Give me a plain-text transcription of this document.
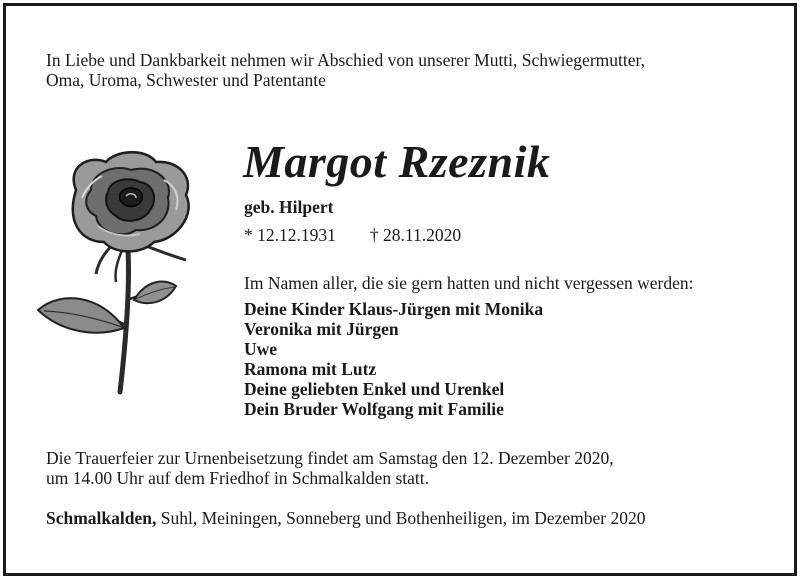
In Liebe und Dankbarkeit nehmen wir Abschied von unserer Mutti, Schwiegermutter,
Oma, Uroma, Schwester und Patentante

Margot Rzeznik

geb. Hilpert

* 12.12.1931 † 28.11.2020

Im Namen aller, die sie gern hatten und nicht vergessen werden:

Deine Kinder Klaus-Jürgen mit Monika
Veronika mit Jürgen
Uwe
Ramona mit Lutz
Deine geliebten Enkel und Urenkel
Dein Bruder Wolfgang mit Familie

Die Trauerfeier zur Urnenbeisetzung findet am Samstag den 12. Dezember 2020,
um 14.00 Uhr auf dem Friedhof in Schmalkalden statt.

Schmalkalden, Suhl, Meiningen, Sonneberg und Bothenheiligen, im Dezember 2020
